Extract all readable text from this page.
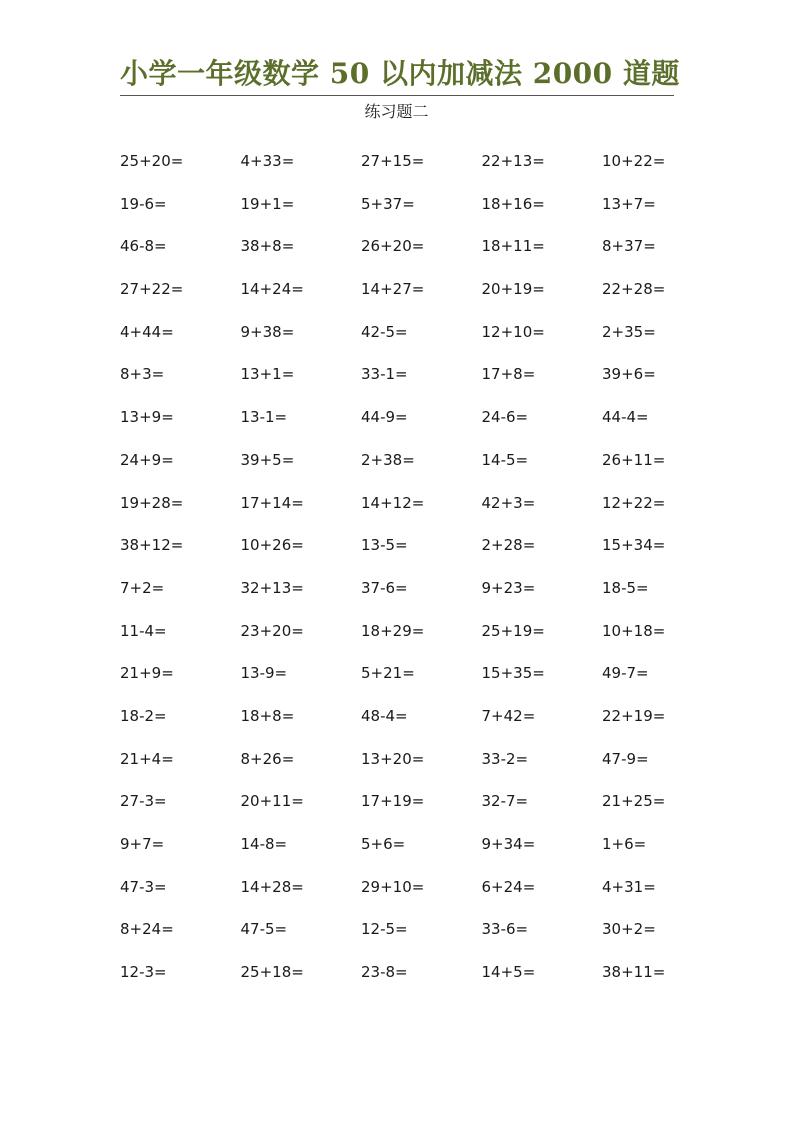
小学一年级数学 50 以内加减法 2000 道题
练习题二
25+20=	4+33=	27+15=	22+13=	10+22=
19-6=	19+1=	5+37=	18+16=	13+7=
46-8=	38+8=	26+20=	18+11=	8+37=
27+22=	14+24=	14+27=	20+19=	22+28=
4+44=	9+38=	42-5=	12+10=	2+35=
8+3=	13+1=	33-1=	17+8=	39+6=
13+9=	13-1=	44-9=	24-6=	44-4=
24+9=	39+5=	2+38=	14-5=	26+11=
19+28=	17+14=	14+12=	42+3=	12+22=
38+12=	10+26=	13-5=	2+28=	15+34=
7+2=	32+13=	37-6=	9+23=	18-5=
11-4=	23+20=	18+29=	25+19=	10+18=
21+9=	13-9=	5+21=	15+35=	49-7=
18-2=	18+8=	48-4=	7+42=	22+19=
21+4=	8+26=	13+20=	33-2=	47-9=
27-3=	20+11=	17+19=	32-7=	21+25=
9+7=	14-8=	5+6=	9+34=	1+6=
47-3=	14+28=	29+10=	6+24=	4+31=
8+24=	47-5=	12-5=	33-6=	30+2=
12-3=	25+18=	23-8=	14+5=	38+11=
